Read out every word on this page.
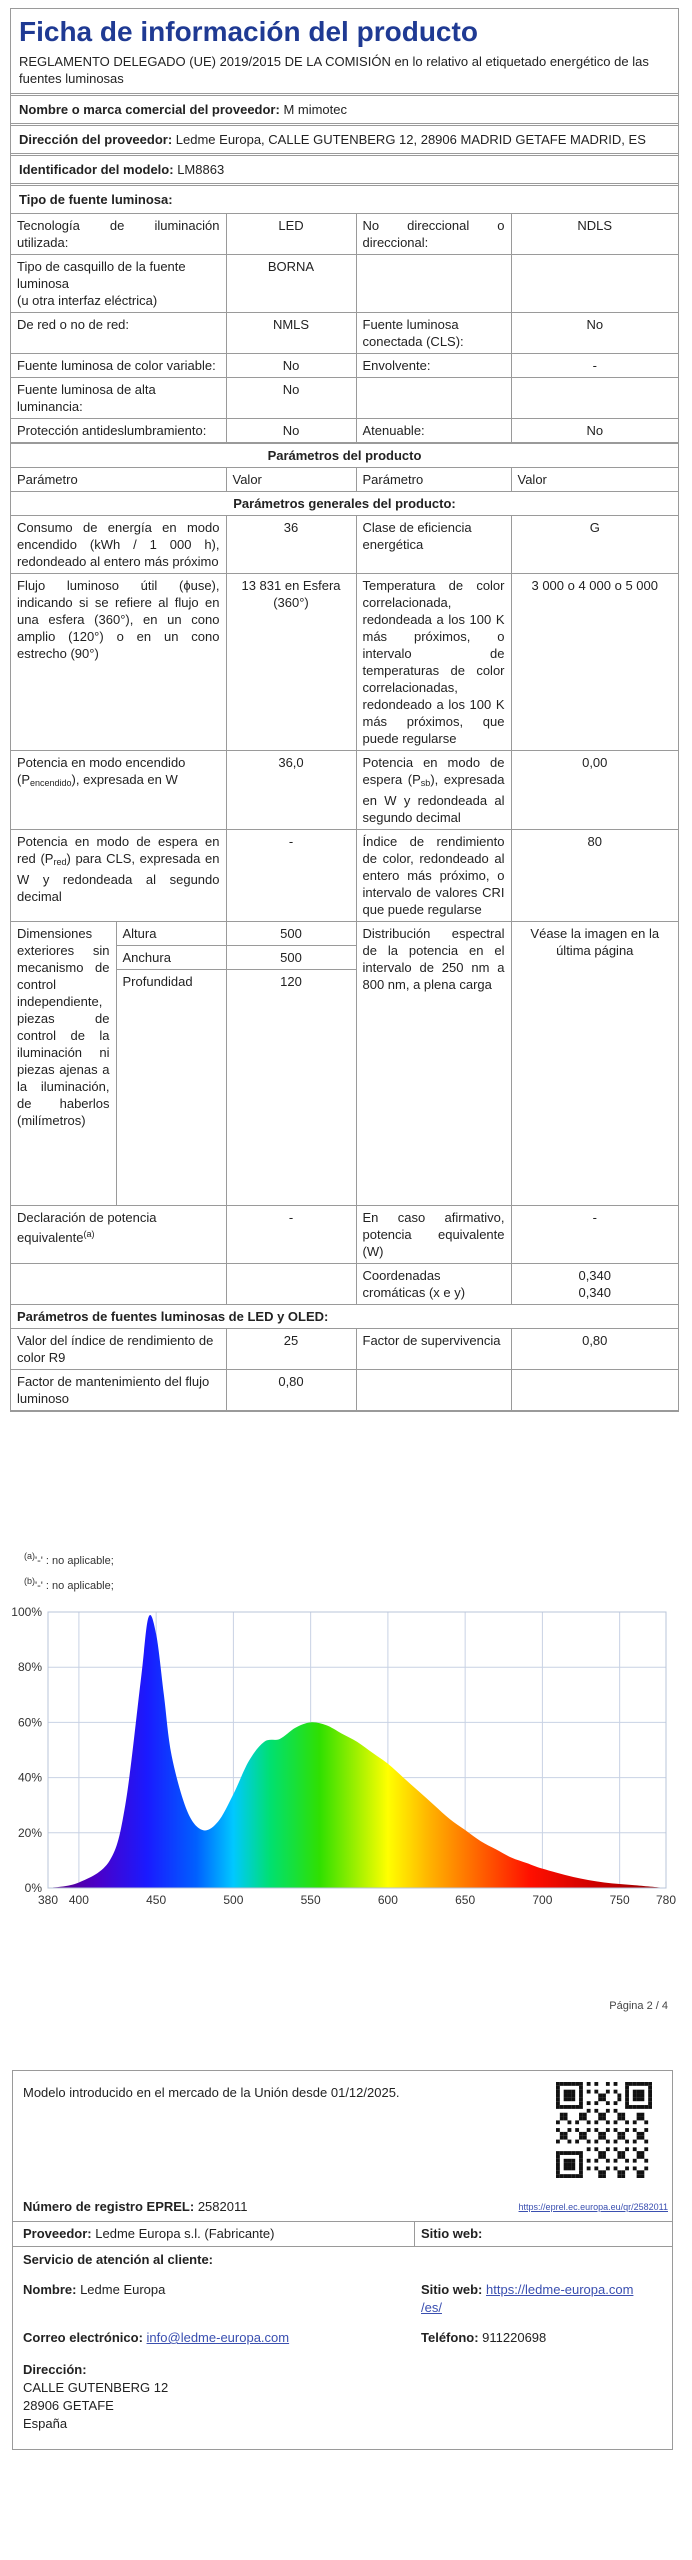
Ficha de información del producto
REGLAMENTO DELEGADO (UE) 2019/2015 DE LA COMISIÓN en lo relativo al etiquetado energético de las fuentes luminosas
Nombre o marca comercial del proveedor: M mimotec
Dirección del proveedor: Ledme Europa, CALLE GUTENBERG 12, 28906 MADRID GETAFE MADRID, ES
Identificador del modelo: LM8863
Tipo de fuente luminosa:
Tecnología de iluminación utilizada:	LED	No direccional o direccional:	NDLS
Tipo de casquillo de la fuente luminosa
(u otra interfaz eléctrica)	BORNA		
De red o no de red:	NMLS	Fuente luminosa conectada (CLS):	No
Fuente luminosa de color variable:	No	Envolvente:	-
Fuente luminosa de alta luminancia:	No		
Protección antideslumbramiento:	No	Atenuable:	No
Parámetros del producto				
Parámetro		Valor	Parámetro	Valor
Parámetros generales del producto:				
Consumo de energía en modo encendido (kWh / 1 000 h), redondeado al entero más próximo		36	Clase de eficiencia energética	G
Flujo luminoso útil (ϕuse), indicando si se refiere al flujo en una esfera (360°), en un cono amplio (120°) o en un cono estrecho (90°)		13 831 en Esfera (360°)	Temperatura de color correlacionada, redondeada a los 100 K más próximos, o intervalo de temperaturas de color correlacionadas, redondeado a los 100 K más próximos, que puede regularse	3 000 o 4 000 o 5 000
Potencia en modo encendido $(P_{encendido})$, expresada en W		36,0	Potencia en modo de espera $(P_{sb})$, expresada en W y redondeada al segundo decimal	0,00
Potencia en modo de espera en red $(P_{red})$ para CLS, expresada en W y redondeada al segundo decimal		-	Índice de rendimiento de color, redondeado al entero más próximo, o intervalo de valores CRI que puede regularse	80
Dimensiones exteriores sin mecanismo de control independiente, piezas de control de la iluminación ni piezas ajenas a la iluminación, de haberlos (milímetros)	Altura	500	Distribución espectral de la potencia en el intervalo de 250 nm a 800 nm, a plena carga	Véase la imagen en la última página
	Anchura	500		
	Profundidad	120		
Declaración de potencia equivalente$^{(a)}$		-	En caso afirmativo, potencia equivalente (W)	-
			Coordenadas cromáticas (x e y)	0,340
0,340
Parámetros de fuentes luminosas de LED y OLED:				
Valor del índice de rendimiento de color R9		25	Factor de supervivencia	0,80
Factor de mantenimiento del flujo luminoso		0,80		
$^{(a)}$'-' : no aplicable;
$^{(b)}$'-' : no aplicable;
0%
20%
40%
60%
80%
100%
380 400	450	500	550	600	650	700	750 780
Página 2 / 4
Modelo introducido en el mercado de la Unión desde 01/12/2025.
Número de registro EPREL: 2582011	https://eprel.ec.europa.eu/qr/2582011
Proveedor: Ledme Europa s.l. (Fabricante)	Sitio web:
Servicio de atención al cliente:
Nombre: Ledme Europa	Sitio web: https://ledme-europa.com
/es/
Correo electrónico: info@ledme-europa.com	Teléfono: 911220698
Dirección:
CALLE GUTENBERG 12
28906 GETAFE
España
